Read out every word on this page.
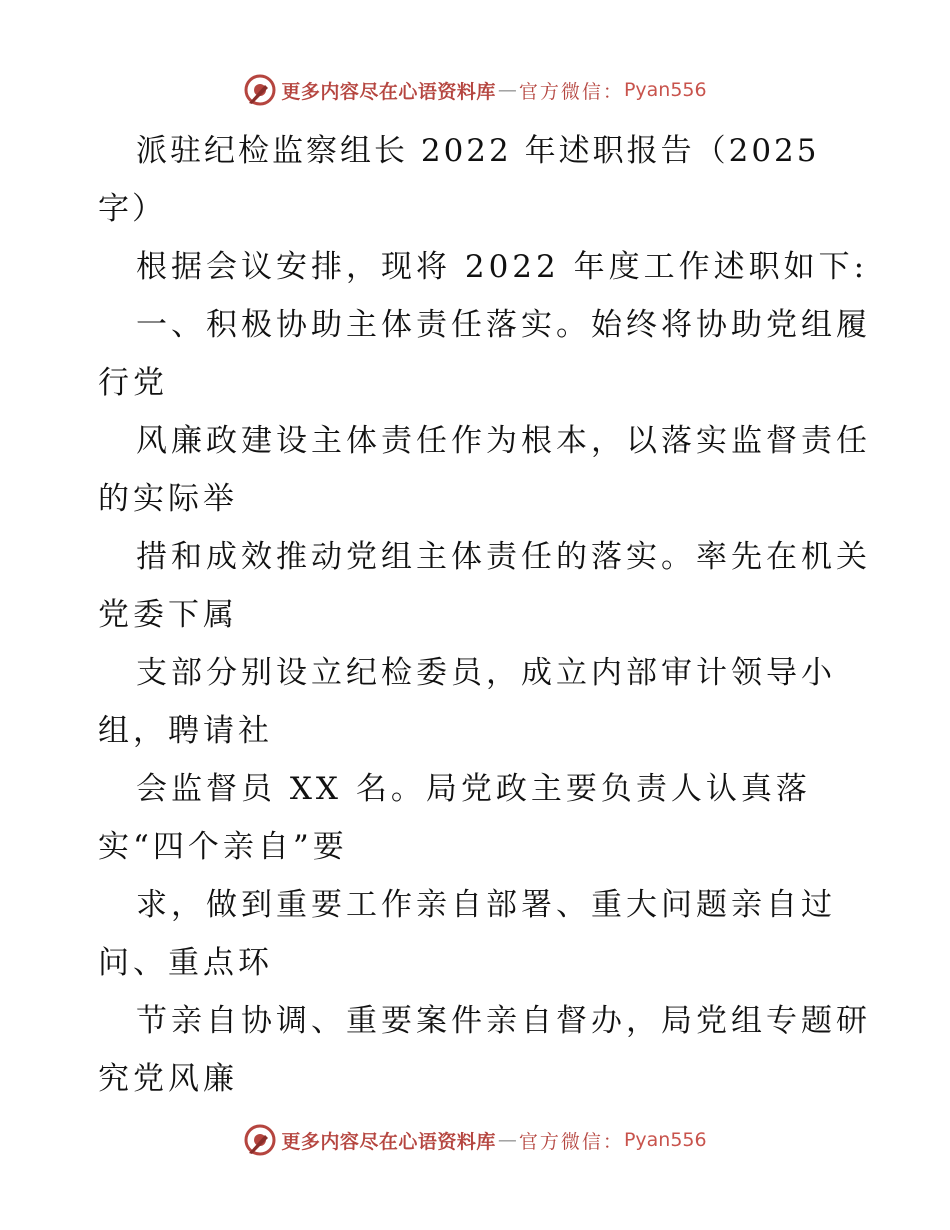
更多内容尽在心语资料库 — 官方微信： Pyan556
派驻纪检监察组长 2022 年述职报告（2025
字）
根据会议安排，现将 2022 年度工作述职如下:
一、积极协助主体责任落实。始终将协助党组履
行党
风廉政建设主体责任作为根本，以落实监督责任
的实际举
措和成效推动党组主体责任的落实。率先在机关
党委下属
支部分别设立纪检委员，成立内部审计领导小
组，聘请社
会监督员 XX 名。局党政主要负责人认真落
实“四个亲自”要
求，做到重要工作亲自部署、重大问题亲自过
问、重点环
节亲自协调、重要案件亲自督办，局党组专题研
究党风廉
更多内容尽在心语资料库 — 官方微信： Pyan556
